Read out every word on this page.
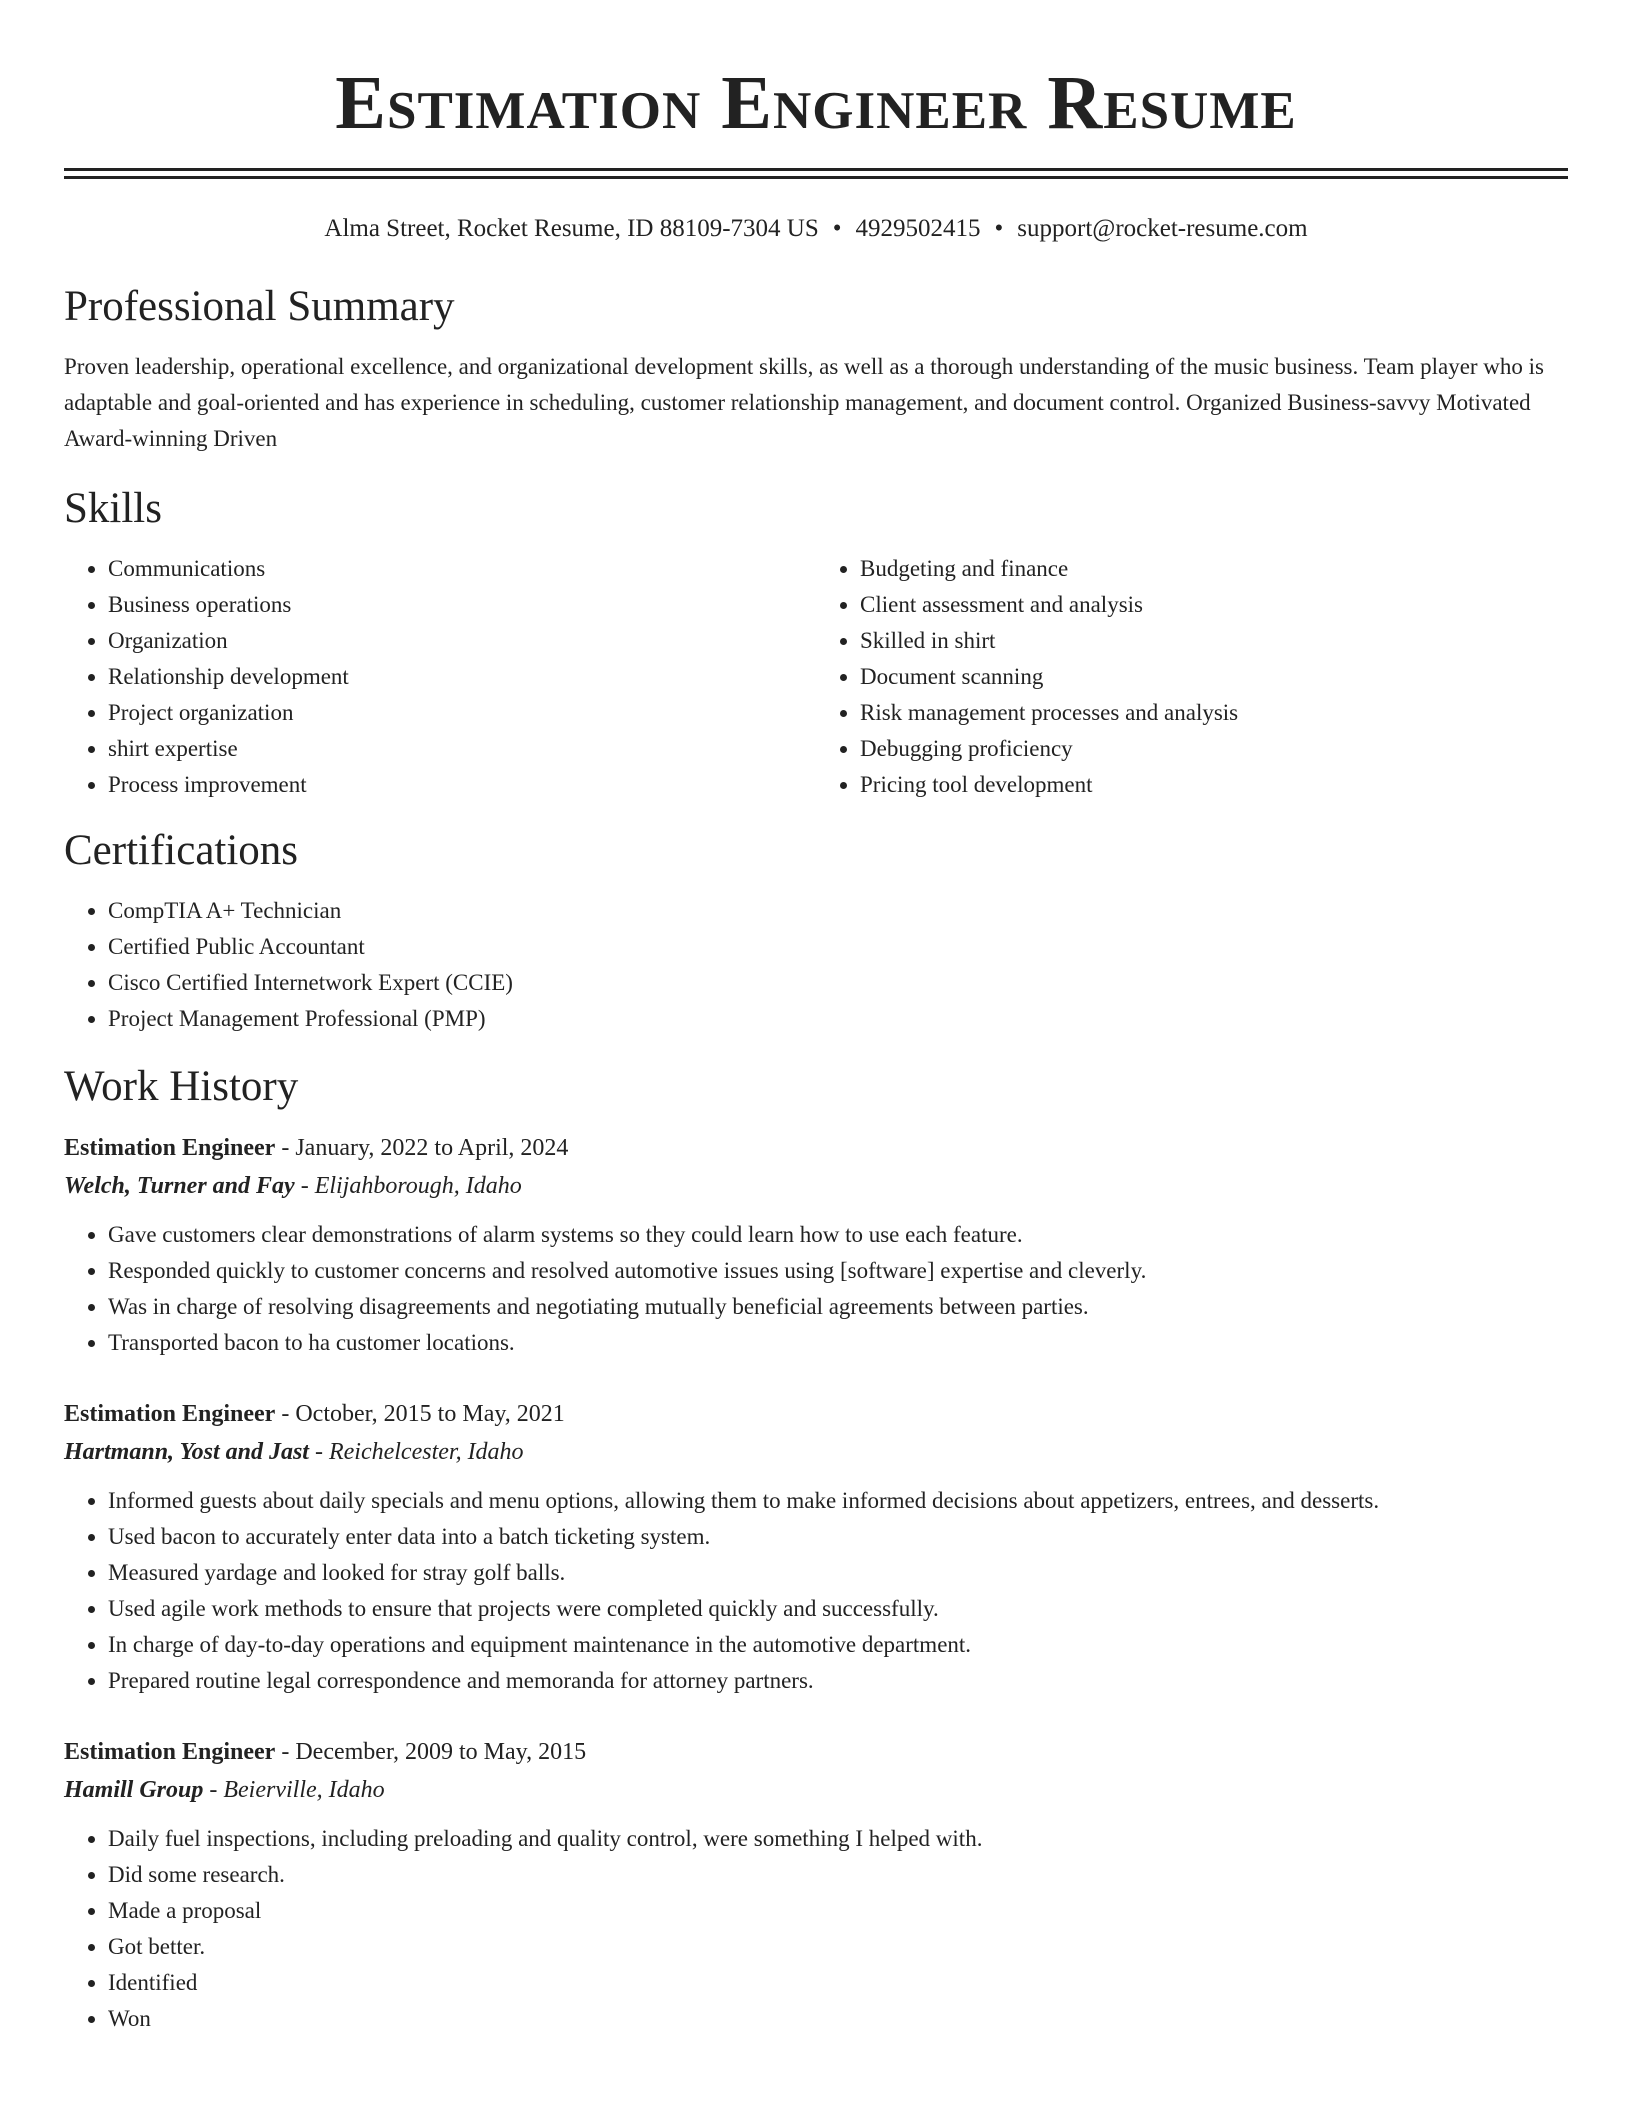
Estimation Engineer Resume
Alma Street, Rocket Resume, ID 88109-7304 US • 4929502415 • support@rocket-resume.com
Professional Summary
Proven leadership, operational excellence, and organizational development skills, as well as a thorough understanding of the music business. Team player who is adaptable and goal-oriented and has experience in scheduling, customer relationship management, and document control. Organized Business-savvy Motivated Award-winning Driven
Skills
• Communications
• Business operations
• Organization
• Relationship development
• Project organization
• shirt expertise
• Process improvement
• Budgeting and finance
• Client assessment and analysis
• Skilled in shirt
• Document scanning
• Risk management processes and analysis
• Debugging proficiency
• Pricing tool development
Certifications
• CompTIA A+ Technician
• Certified Public Accountant
• Cisco Certified Internetwork Expert (CCIE)
• Project Management Professional (PMP)
Work History
Estimation Engineer - January, 2022 to April, 2024
Welch, Turner and Fay - Elijahborough, Idaho
• Gave customers clear demonstrations of alarm systems so they could learn how to use each feature.
• Responded quickly to customer concerns and resolved automotive issues using [software] expertise and cleverly.
• Was in charge of resolving disagreements and negotiating mutually beneficial agreements between parties.
• Transported bacon to ha customer locations.
Estimation Engineer - October, 2015 to May, 2021
Hartmann, Yost and Jast - Reichelcester, Idaho
• Informed guests about daily specials and menu options, allowing them to make informed decisions about appetizers, entrees, and desserts.
• Used bacon to accurately enter data into a batch ticketing system.
• Measured yardage and looked for stray golf balls.
• Used agile work methods to ensure that projects were completed quickly and successfully.
• In charge of day-to-day operations and equipment maintenance in the automotive department.
• Prepared routine legal correspondence and memoranda for attorney partners.
Estimation Engineer - December, 2009 to May, 2015
Hamill Group - Beierville, Idaho
• Daily fuel inspections, including preloading and quality control, were something I helped with.
• Did some research.
• Made a proposal
• Got better.
• Identified
• Won
